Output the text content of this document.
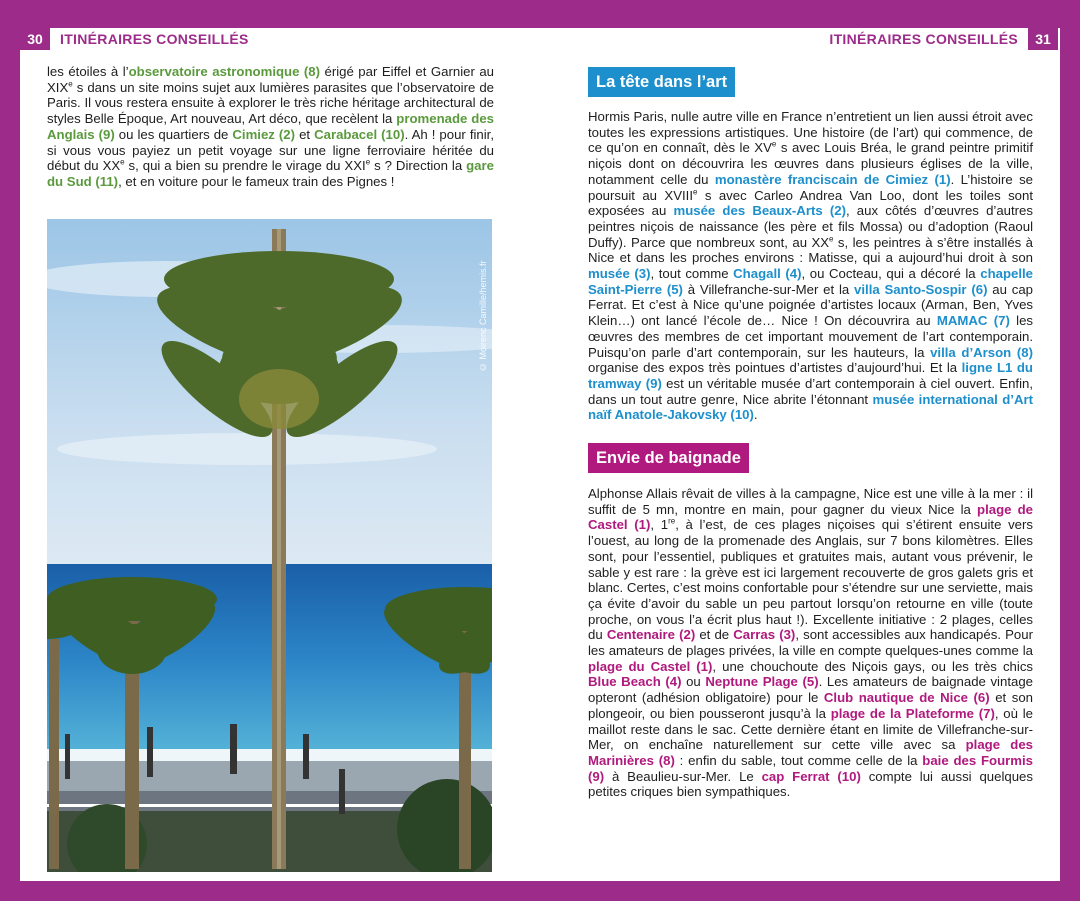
30	ITINÉRAIRES CONSEILLÉS	ITINÉRAIRES CONSEILLÉS	31

les étoiles à l’observatoire astronomique (8) érigé par Eiffel et Garnier au XIXe s dans un site moins sujet aux lumières parasites que l’observatoire de Paris. Il vous restera ensuite à explorer le très riche héritage architectural de styles Belle Époque, Art nouveau, Art déco, que recèlent la promenade des Anglais (9) ou les quartiers de Cimiez (2) et Carabacel (10). Ah ! pour finir, si vous vous payiez un petit voyage sur une ligne ferroviaire héritée du début du XXe s, qui a bien su prendre le virage du XXIe s ? Direction la gare du Sud (11), et en voiture pour le fameux train des Pignes !

© Moirenc Camille/hemis.fr
La tête dans l’art

Hormis Paris, nulle autre ville en France n’entretient un lien aussi étroit avec toutes les expressions artistiques. Une histoire (de l’art) qui commence, de ce qu’on en connaît, dès le XVe s avec Louis Bréa, le grand peintre primitif niçois dont on découvrira les œuvres dans plusieurs églises de la ville, notamment celle du monastère franciscain de Cimiez (1). L’histoire se poursuit au XVIIIe s avec Carleo Andrea Van Loo, dont les toiles sont exposées au musée des Beaux-Arts (2), aux côtés d’œuvres d’autres peintres niçois de naissance (les père et fils Mossa) ou d’adoption (Raoul Duffy). Parce que nombreux sont, au XXe s, les peintres à s’être installés à Nice et dans les proches environs : Matisse, qui a aujourd’hui droit à son musée (3), tout comme Chagall (4), ou Cocteau, qui a décoré la chapelle Saint-Pierre (5) à Villefranche-sur-Mer et la villa Santo-Sospir (6) au cap Ferrat. Et c’est à Nice qu’une poignée d’artistes locaux (Arman, Ben, Yves Klein…) ont lancé l’école de… Nice ! On découvrira au MAMAC (7) les œuvres des membres de cet important mouvement de l’art contemporain. Puisqu’on parle d’art contemporain, sur les hauteurs, la villa d’Arson (8) organise des expos très pointues d’artistes d’aujourd’hui. Et la ligne L1 du tramway (9) est un véritable musée d’art contemporain à ciel ouvert. Enfin, dans un tout autre genre, Nice abrite l’étonnant musée international d’Art naïf Anatole-Jakovsky (10).

Envie de baignade

Alphonse Allais rêvait de villes à la campagne, Nice est une ville à la mer : il suffit de 5 mn, montre en main, pour gagner du vieux Nice la plage de Castel (1), 1re, à l’est, de ces plages niçoises qui s’étirent ensuite vers l’ouest, au long de la promenade des Anglais, sur 7 bons kilomètres. Elles sont, pour l’essentiel, publiques et gratuites mais, autant vous prévenir, le sable y est rare : la grève est ici largement recouverte de gros galets gris et blanc. Certes, c’est moins confortable pour s’étendre sur une serviette, mais ça évite d’avoir du sable un peu partout lorsqu’on retourne en ville (toute proche, on vous l’a écrit plus haut !). Excellente initiative : 2 plages, celles du Centenaire (2) et de Carras (3), sont accessibles aux handicapés. Pour les amateurs de plages privées, la ville en compte quelques-unes comme la plage du Castel (1), une chouchoute des Niçois gays, ou les très chics Blue Beach (4) ou Neptune Plage (5). Les amateurs de baignade vintage opteront (adhésion obligatoire) pour le Club nautique de Nice (6) et son plongeoir, ou bien pousseront jusqu’à la plage de la Plateforme (7), où le maillot reste dans le sac. Cette dernière étant en limite de Villefranche-sur-Mer, on enchaîne naturellement sur cette ville avec sa plage des Marinières (8) : enfin du sable, tout comme celle de la baie des Fourmis (9) à Beaulieu-sur-Mer. Le cap Ferrat (10) compte lui aussi quelques petites criques bien sympathiques.
